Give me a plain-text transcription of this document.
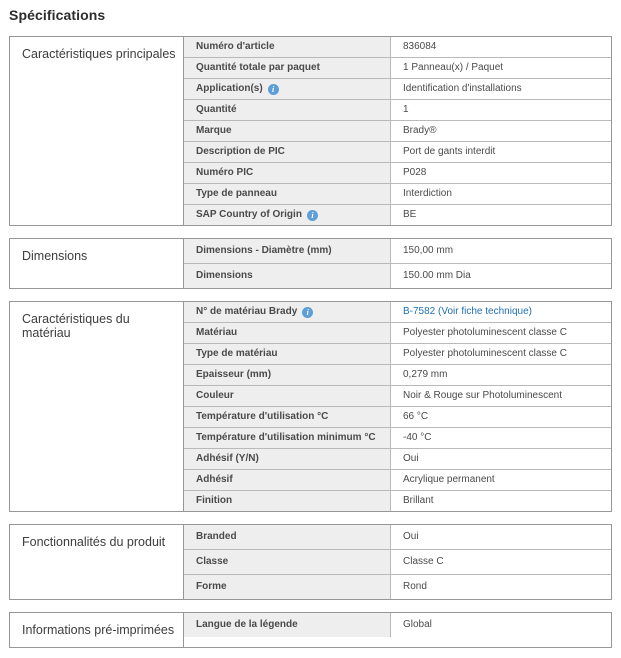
Spécifications
Caractéristiques principales
Numéro d'article	836084
Quantité totale par paquet	1 Panneau(x) / Paquet
Application(s)	i	Identification d'installations
Quantité	1
Marque	Brady®
Description de PIC	Port de gants interdit
Numéro PIC	P028
Type de panneau	Interdiction
SAP Country of Origin	i	BE
Dimensions	Dimensions - Diamètre (mm)	150,00 mm
Dimensions	150.00 mm Dia
Caractéristiques du matériau
N° de matériau Brady	i	B-7582 (Voir fiche technique)
Matériau	Polyester photoluminescent classe C
Type de matériau	Polyester photoluminescent classe C
Epaisseur (mm)	0,279 mm
Couleur	Noir & Rouge sur Photoluminescent
Température d'utilisation °C	66 °C
Température d'utilisation minimum °C	-40 °C
Adhésif (Y/N)	Oui
Adhésif	Acrylique permanent
Finition	Brillant
Fonctionnalités du produit	Branded	Oui
Classe	Classe C
Forme	Rond
Informations pré-imprimées	Langue de la légende	Global
